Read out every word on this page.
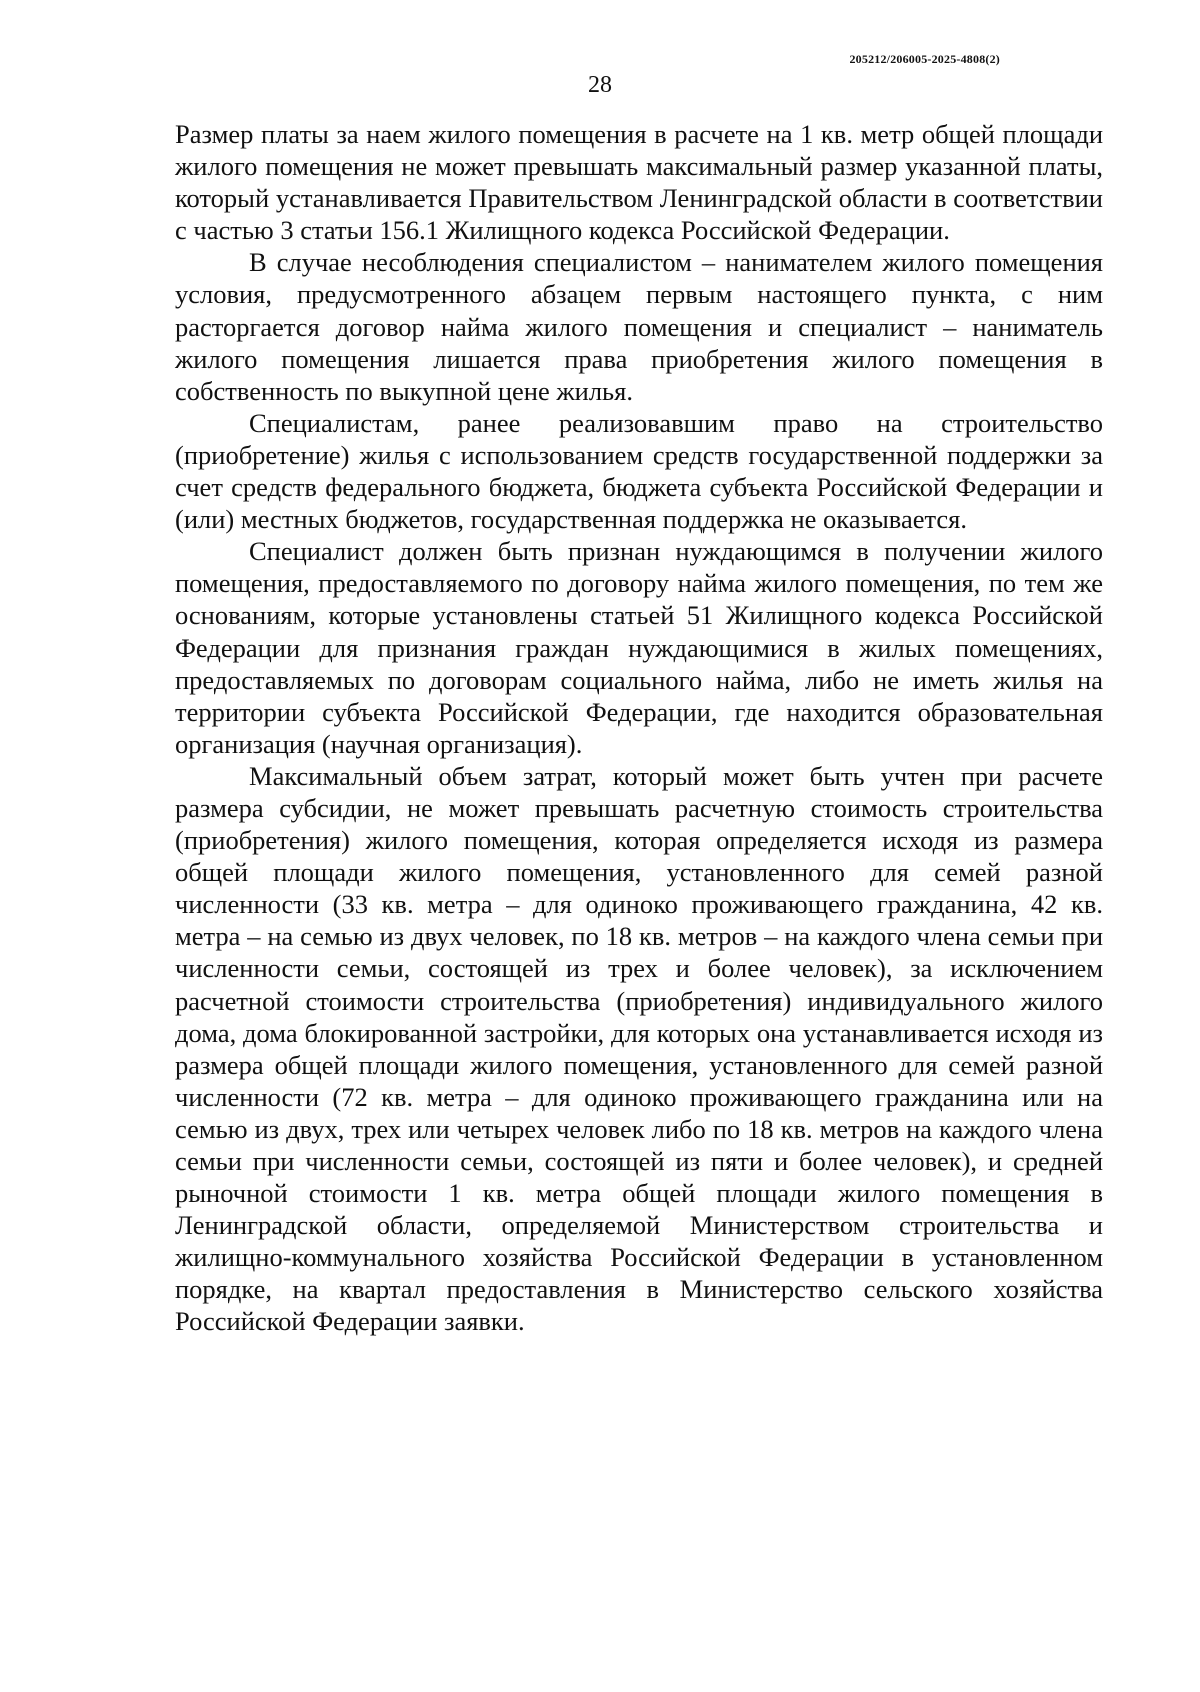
205212/206005-2025-4808(2)
28

Размер платы за наем жилого помещения в расчете на 1 кв. метр общей площади жилого помещения не может превышать максимальный размер указанной платы, который устанавливается Правительством Ленинградской области в соответствии с частью 3 статьи 156.1 Жилищного кодекса Российской Федерации.

В случае несоблюдения специалистом – нанимателем жилого помещения условия, предусмотренного абзацем первым настоящего пункта, с ним расторгается договор найма жилого помещения и специалист – наниматель жилого помещения лишается права приобретения жилого помещения в собственность по выкупной цене жилья.

Специалистам, ранее реализовавшим право на строительство (приобретение) жилья с использованием средств государственной поддержки за счет средств федерального бюджета, бюджета субъекта Российской Федерации и (или) местных бюджетов, государственная поддержка не оказывается.

Специалист должен быть признан нуждающимся в получении жилого помещения, предоставляемого по договору найма жилого помещения, по тем же основаниям, которые установлены статьей 51 Жилищного кодекса Российской Федерации для признания граждан нуждающимися в жилых помещениях, предоставляемых по договорам социального найма, либо не иметь жилья на территории субъекта Российской Федерации, где находится образовательная организация (научная организация).

Максимальный объем затрат, который может быть учтен при расчете размера субсидии, не может превышать расчетную стоимость строительства (приобретения) жилого помещения, которая определяется исходя из размера общей площади жилого помещения, установленного для семей разной численности (33 кв. метра – для одиноко проживающего гражданина, 42 кв. метра – на семью из двух человек, по 18 кв. метров – на каждого члена семьи при численности семьи, состоящей из трех и более человек), за исключением расчетной стоимости строительства (приобретения) индивидуального жилого дома, дома блокированной застройки, для которых она устанавливается исходя из размера общей площади жилого помещения, установленного для семей разной численности (72 кв. метра – для одиноко проживающего гражданина или на семью из двух, трех или четырех человек либо по 18 кв. метров на каждого члена семьи при численности семьи, состоящей из пяти и более человек), и средней рыночной стоимости 1 кв. метра общей площади жилого помещения в Ленинградской области, определяемой Министерством строительства и жилищно-коммунального хозяйства Российской Федерации в установленном порядке, на квартал предоставления в Министерство сельского хозяйства Российской Федерации заявки.
